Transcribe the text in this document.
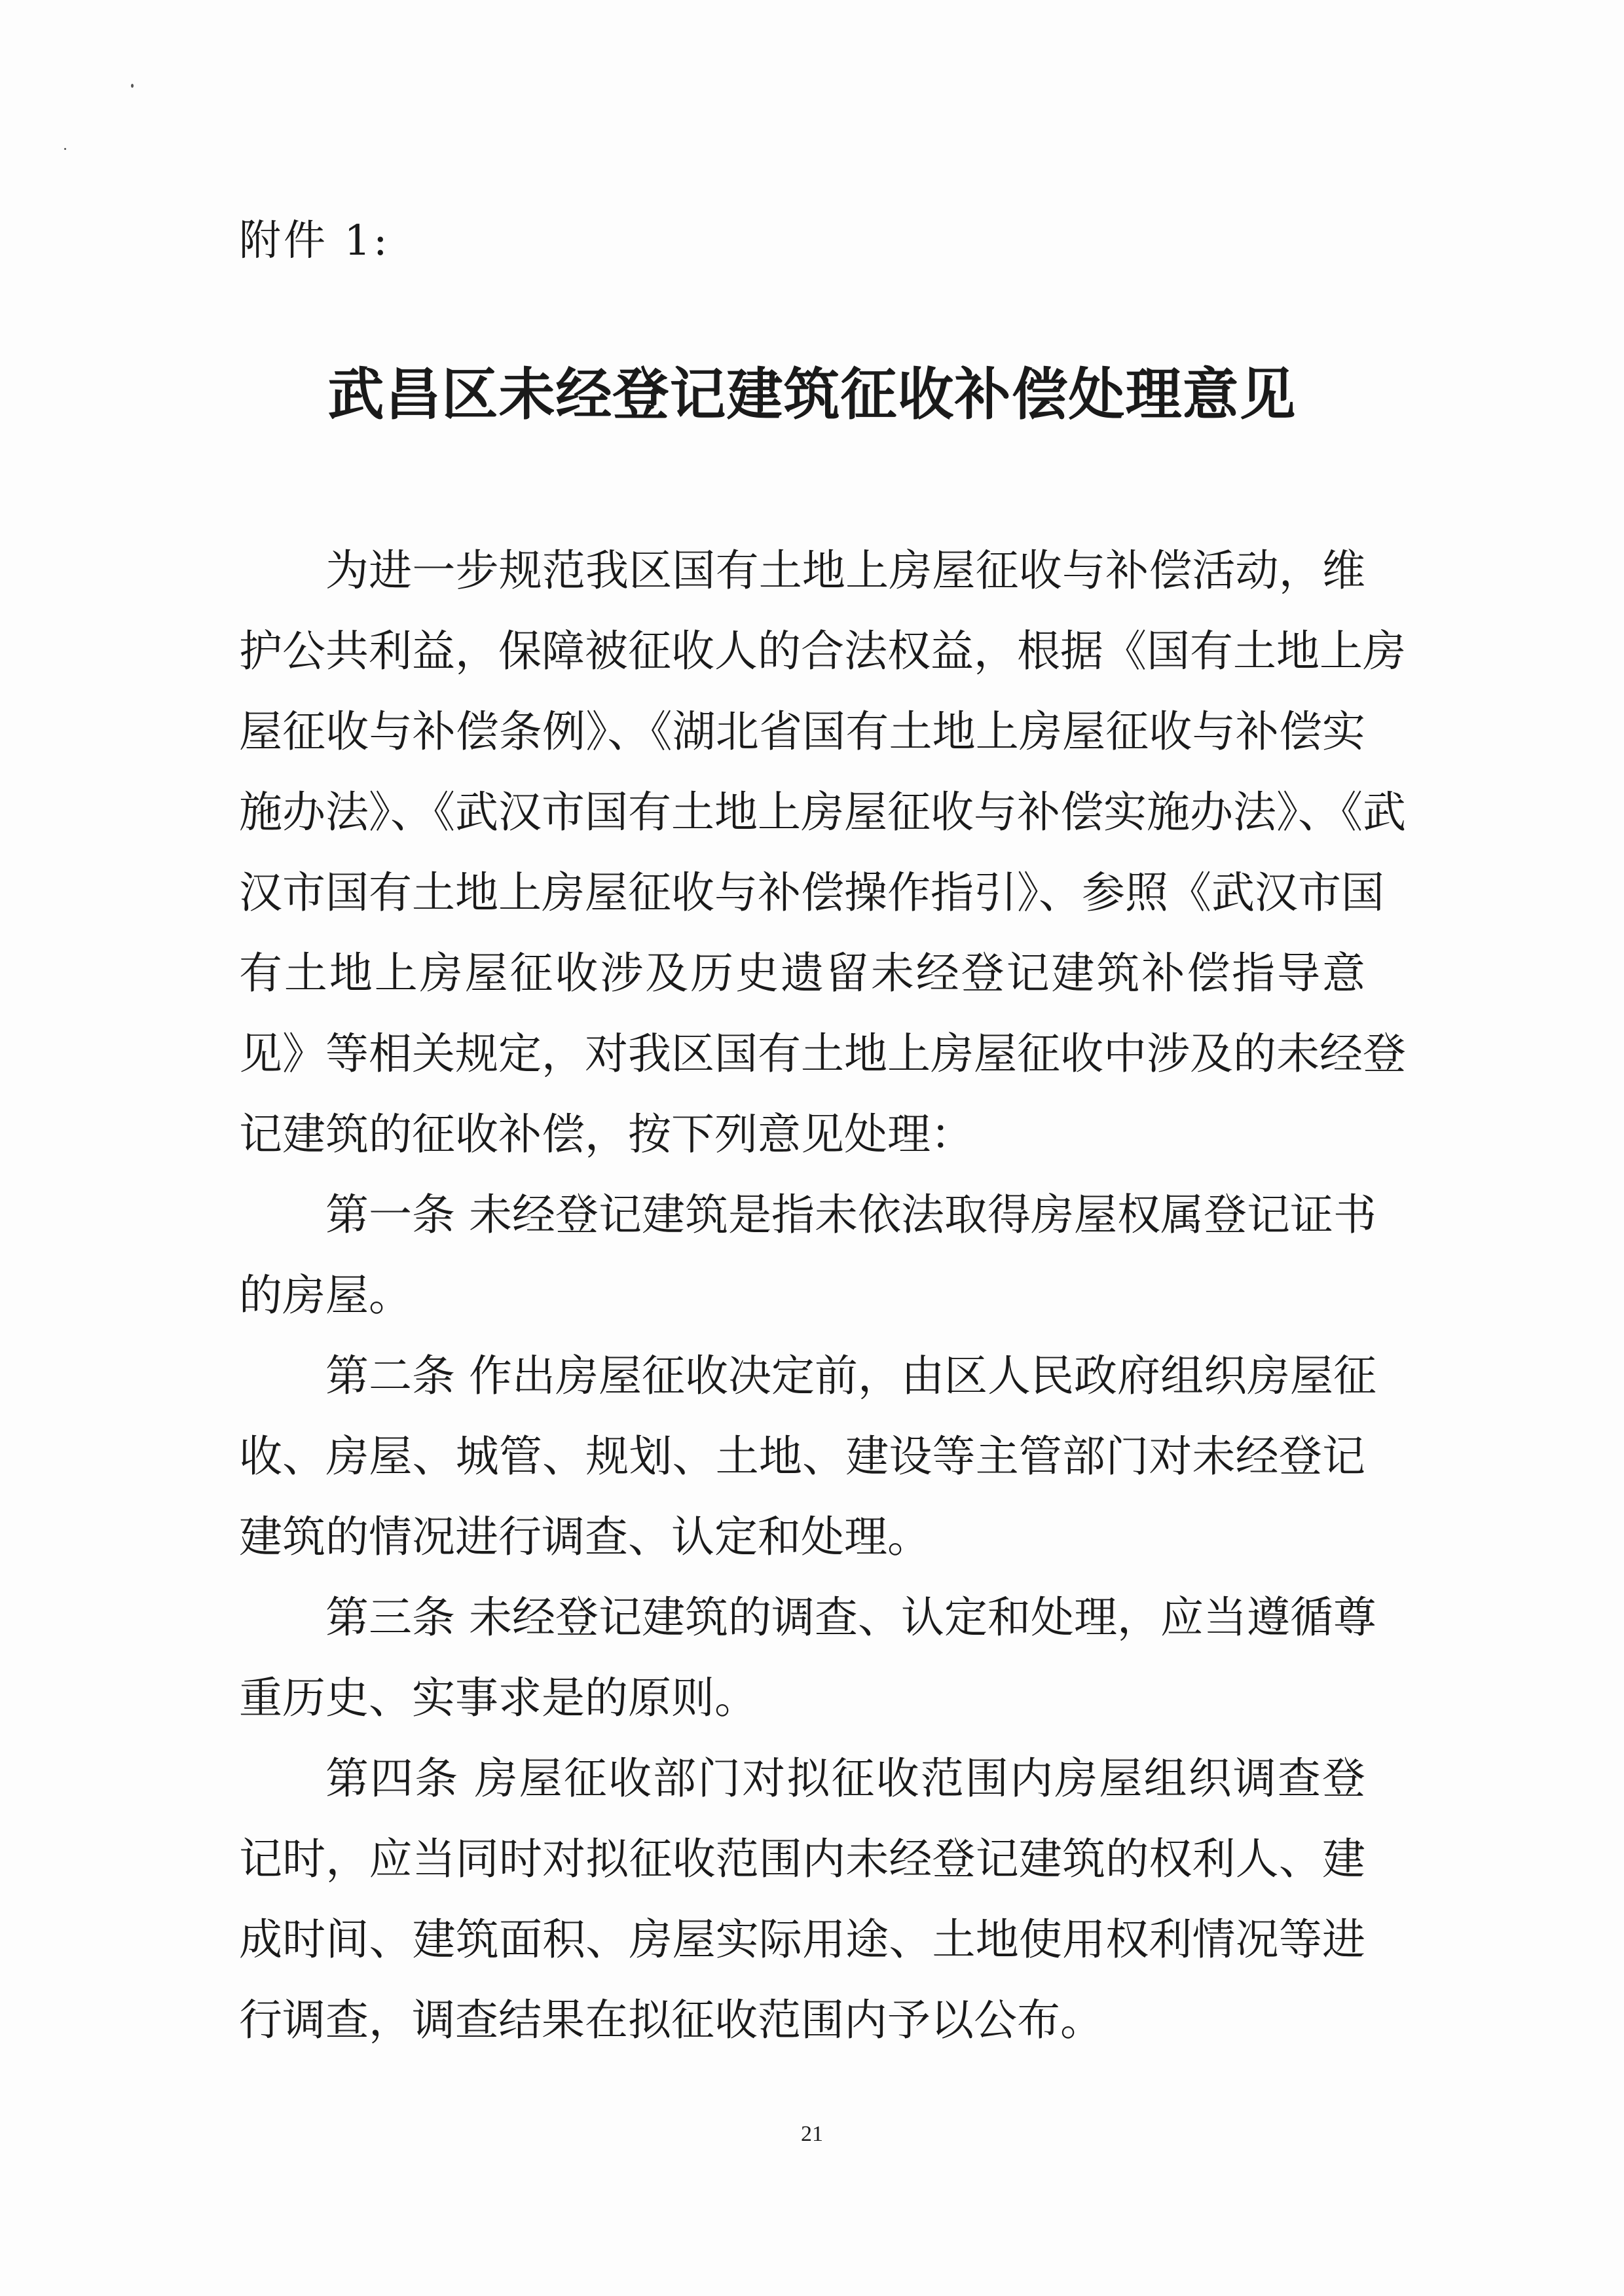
附件 1:
武昌区未经登记建筑征收补偿处理意见
为进一步规范我区国有土地上房屋征收与补偿活动，维
护公共利益，保障被征收人的合法权益，根据《国有土地上房
屋征收与补偿条例》、《湖北省国有土地上房屋征收与补偿实
施办法》、《武汉市国有土地上房屋征收与补偿实施办法》、《武
汉市国有土地上房屋征收与补偿操作指引》、参照《武汉市国
有土地上房屋征收涉及历史遗留未经登记建筑补偿指导意
见》等相关规定，对我区国有土地上房屋征收中涉及的未经登
记建筑的征收补偿，按下列意见处理：
第一条 未经登记建筑是指未依法取得房屋权属登记证书
的房屋。
第二条 作出房屋征收决定前，由区人民政府组织房屋征
收、房屋、城管、规划、土地、建设等主管部门对未经登记
建筑的情况进行调查、认定和处理。
第三条 未经登记建筑的调查、认定和处理，应当遵循尊
重历史、实事求是的原则。
第四条 房屋征收部门对拟征收范围内房屋组织调查登
记时，应当同时对拟征收范围内未经登记建筑的权利人、建
成时间、建筑面积、房屋实际用途、土地使用权利情况等进
行调查，调查结果在拟征收范围内予以公布。
21
